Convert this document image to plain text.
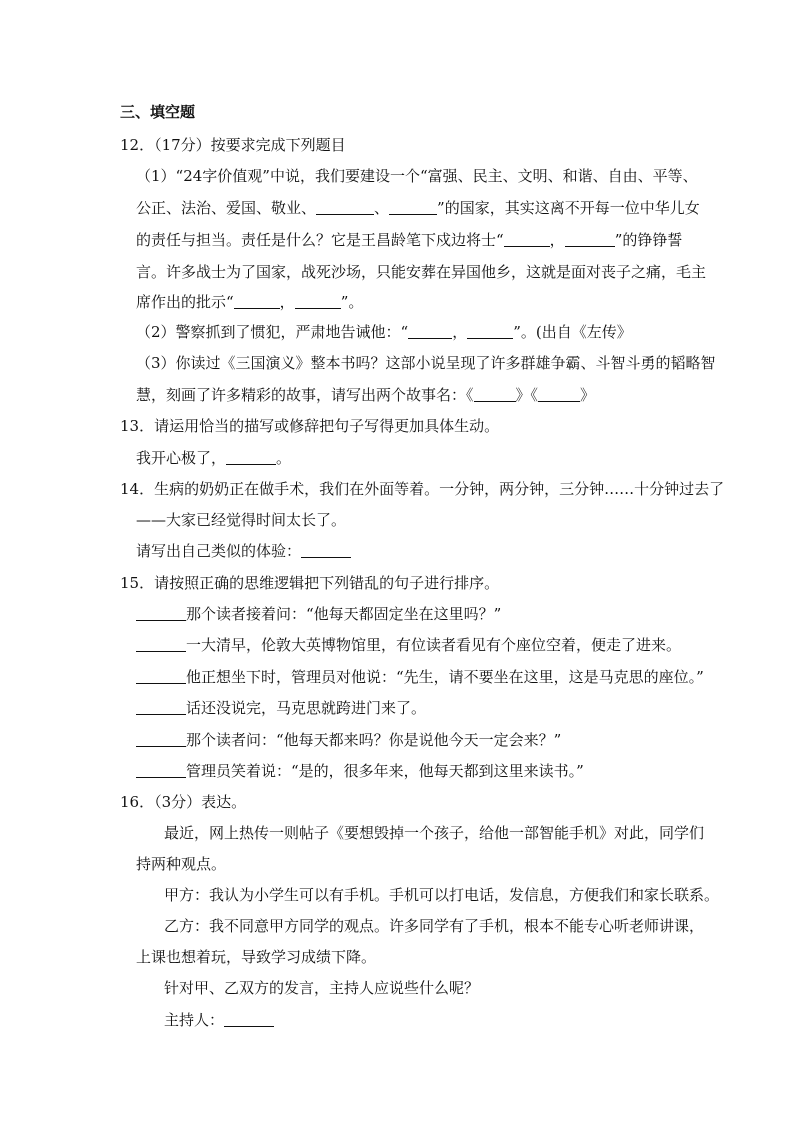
三、填空题
12．（17分）按要求完成下列题目
（1）“24字价值观”中说，我们要建设一个“富强、民主、文明、和谐、自由、平等、
公正、法治、爱国、敬业、	、	”的国家，其实这离不开每一位中华儿女
的责任与担当。责任是什么？它是王昌龄笔下戍边将士“	，	”的铮铮誓
言。许多战士为了国家，战死沙场，只能安葬在异国他乡，这就是面对丧子之痛，毛主
席作出的批示“	，	”。
（2）警察抓到了惯犯，严肃地告诫他：“	，	”。(出自《左传》
（3）你读过《三国演义》整本书吗？这部小说呈现了许多群雄争霸、斗智斗勇的韬略智
慧，刻画了许多精彩的故事，请写出两个故事名：《	》《	》
13．请运用恰当的描写或修辞把句子写得更加具体生动。
我开心极了，	。
14．生病的奶奶正在做手术，我们在外面等着。一分钟，两分钟，三分钟……十分钟过去了
——大家已经觉得时间太长了。
请写出自己类似的体验：
15．请按照正确的思维逻辑把下列错乱的句子进行排序。
那个读者接着问：“他每天都固定坐在这里吗？”
一大清早，伦敦大英博物馆里，有位读者看见有个座位空着，便走了进来。
他正想坐下时，管理员对他说：“先生，请不要坐在这里，这是马克思的座位。”
话还没说完，马克思就跨进门来了。
那个读者问：“他每天都来吗？你是说他今天一定会来？”
管理员笑着说：“是的，很多年来，他每天都到这里来读书。”
16．（3分）表达。
最近，网上热传一则帖子《要想毁掉一个孩子，给他一部智能手机》对此，同学们
持两种观点。
甲方：我认为小学生可以有手机。手机可以打电话，发信息，方便我们和家长联系。
乙方：我不同意甲方同学的观点。许多同学有了手机，根本不能专心听老师讲课，
上课也想着玩，导致学习成绩下降。
针对甲、乙双方的发言，主持人应说些什么呢？
主持人：
